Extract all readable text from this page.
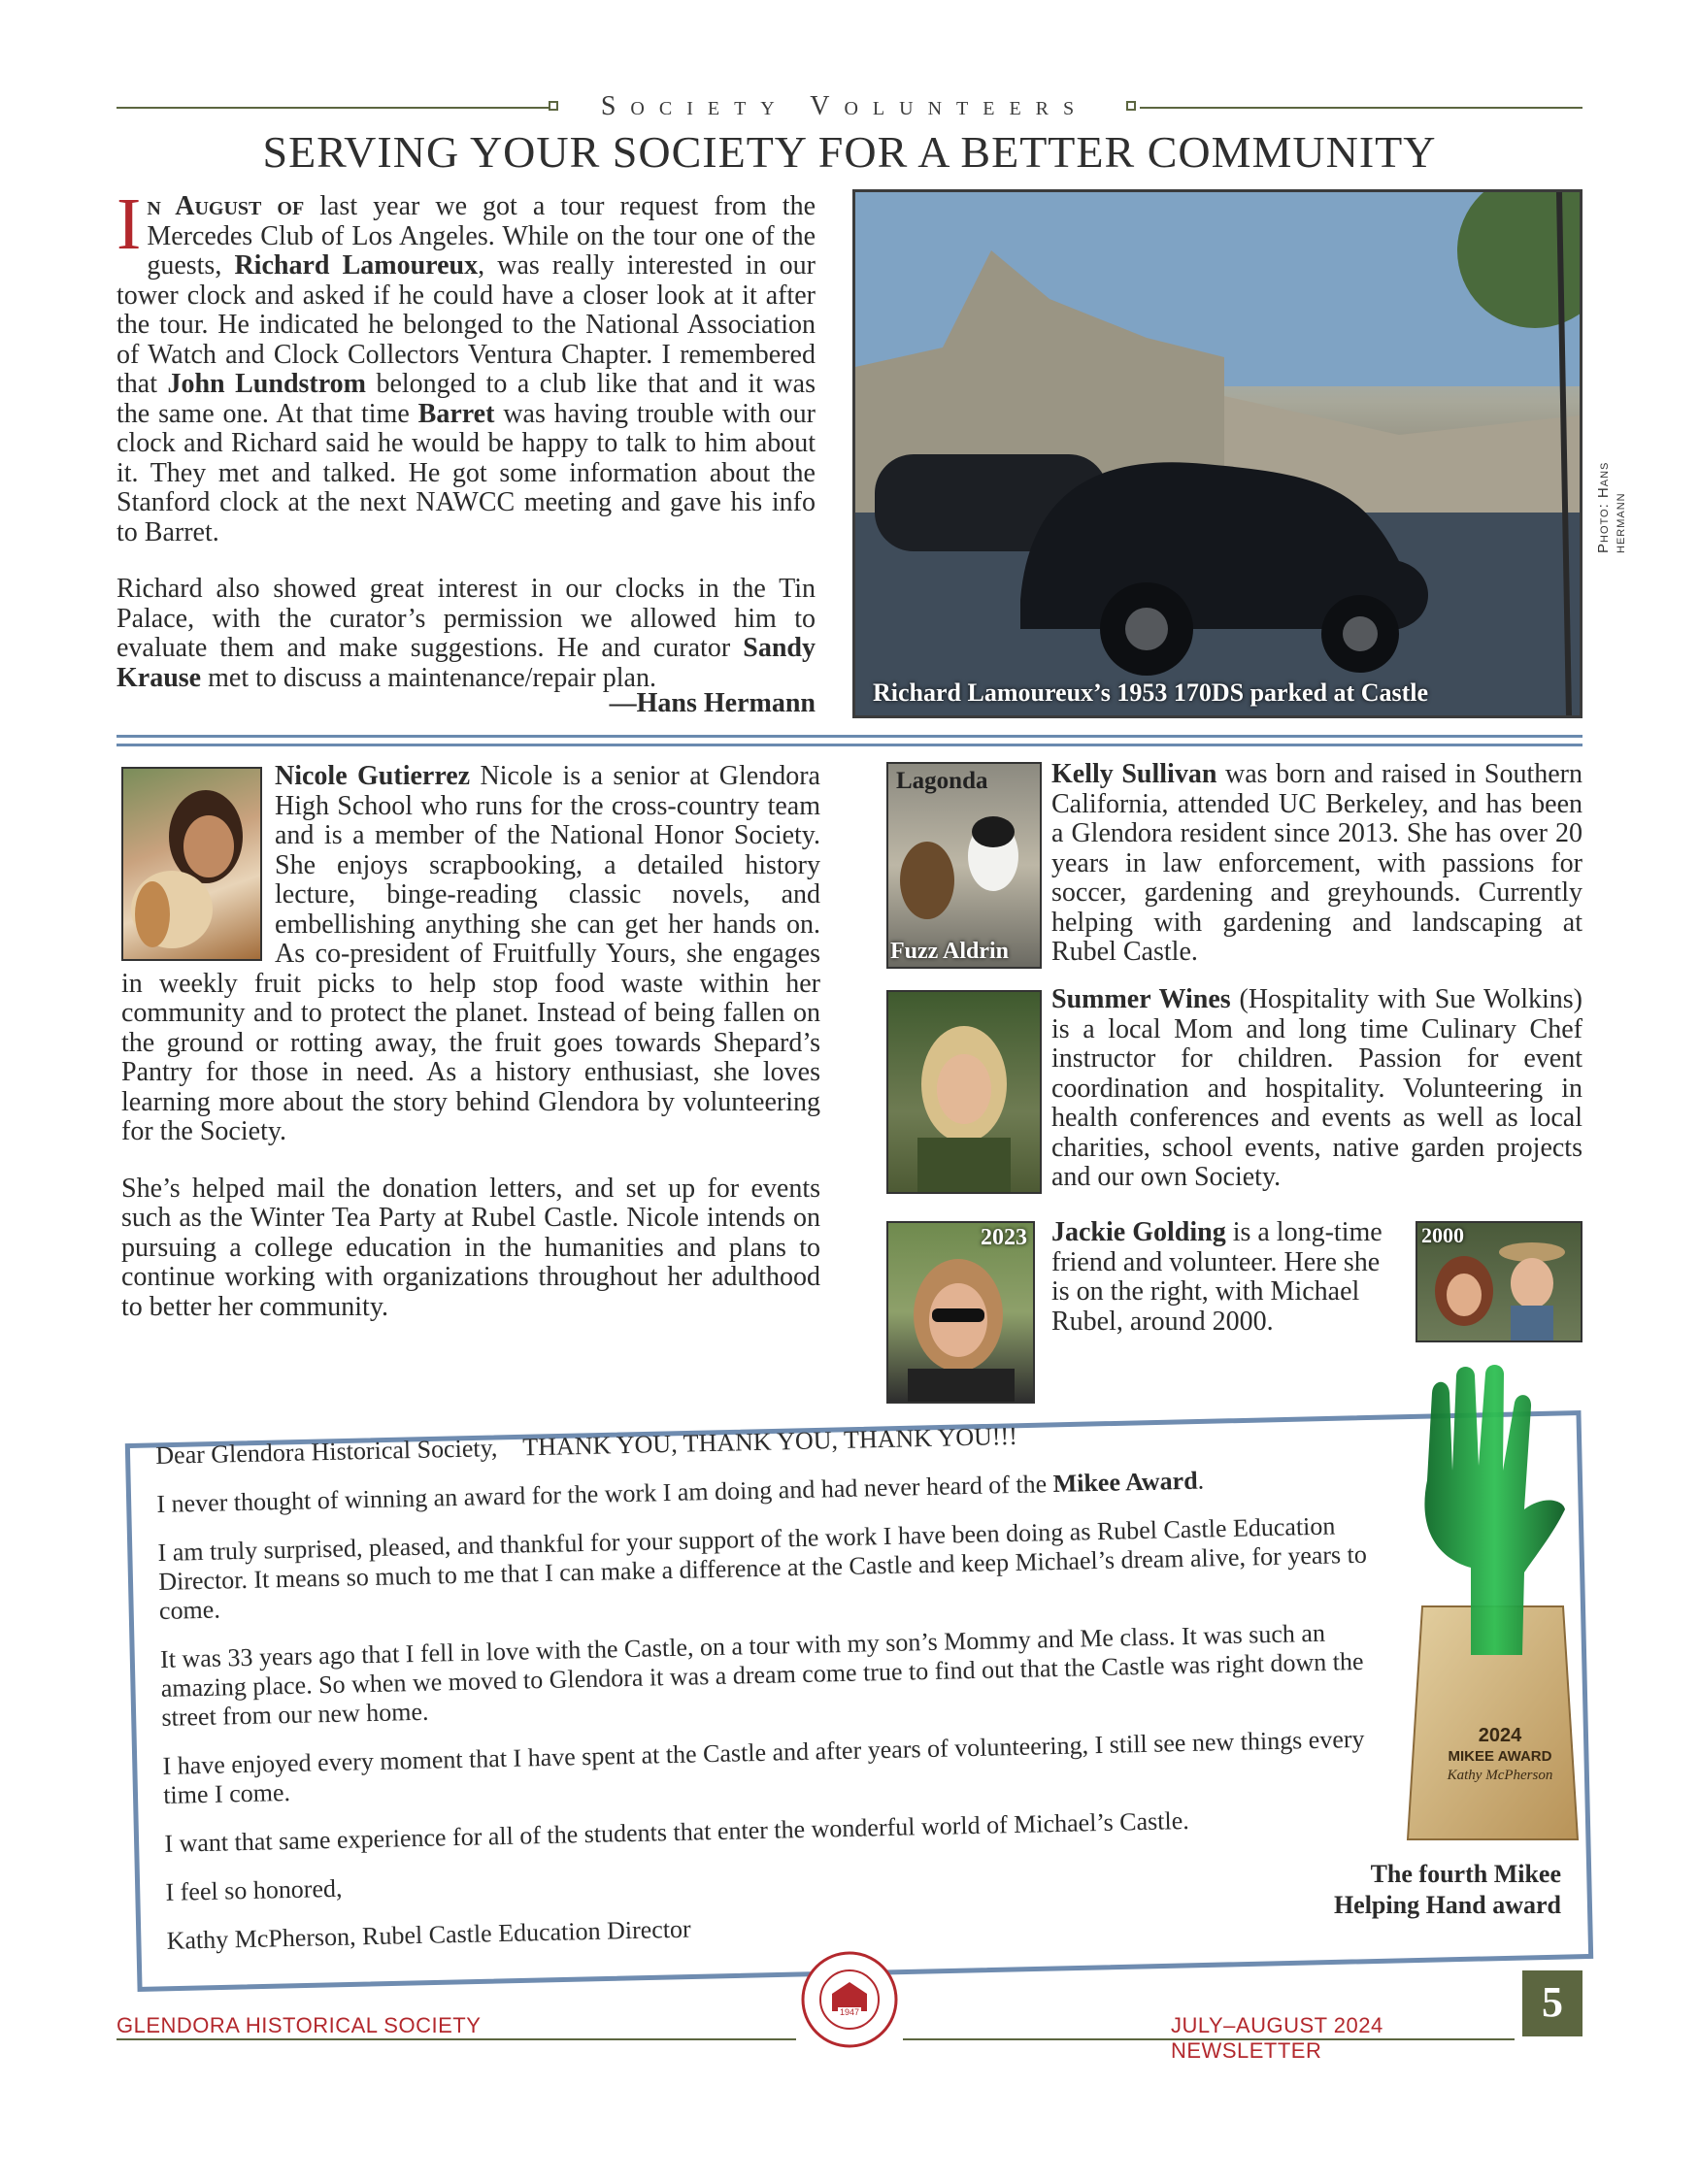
Society Volunteers
SERVING YOUR SOCIETY FOR A BETTER COMMUNITY

In August of last year we got a tour request from the Mercedes Club of Los Angeles. While on the tour one of the guests, Richard Lamoureux, was really interested in our tower clock and asked if he could have a closer look at it after the tour. He indicated he belonged to the National Association of Watch and Clock Collectors Ventura Chapter. I remembered that John Lundstrom belonged to a club like that and it was the same one. At that time Barret was having trouble with our clock and Richard said he would be happy to talk to him about it. They met and talked. He got some information about the Stanford clock at the next NAWCC meeting and gave his info to Barret.

Richard also showed great interest in our clocks in the Tin Palace, with the curator’s permission we allowed him to evaluate them and make suggestions. He and curator Sandy Krause met to discuss a maintenance/repair plan.

—Hans Hermann Richard Lamoureux’s 1953 170DS parked at Castle
Photo: Hans hermann

Nicole Gutierrez Nicole is a senior at Glendora High School who runs for the cross-country team and is a member of the National Honor Society. She enjoys scrapbooking, a detailed history lecture, binge-reading classic novels, and embellishing anything she can get her hands on. As co-president of Fruitfully Yours, she engages in weekly fruit picks to help stop food waste within her community and to protect the planet. Instead of being fallen on the ground or rotting away, the fruit goes towards Shepard’s Pantry for those in need. As a history enthusiast, she loves learning more about the story behind Glendora by volunteering for the Society.

She’s helped mail the donation letters, and set up for events such as the Winter Tea Party at Rubel Castle. Nicole intends on pursuing a college education in the humanities and plans to continue working with organizations throughout her adulthood to better her community.

Lagonda
Fuzz Aldrin

Kelly Sullivan was born and raised in Southern California, attended UC Berkeley, and has been a Glendora resident since 2013. She has over 20 years in law enforcement, with passions for soccer, gardening and greyhounds. Currently helping with gardening and landscaping at Rubel Castle.

Summer Wines (Hospitality with Sue Wolkins) is a local Mom and long time Culinary Chef instructor for children. Passion for event coordination and hospitality. Volunteering in health conferences and events as well as local charities, school events, native garden projects and our own Society.

2023 Jackie Golding is a long-time friend and volunteer. Here she is on the right, with Michael Rubel, around 2000.

2000

Dear Glendora Historical Society, THANK YOU, THANK YOU, THANK YOU!!!

I never thought of winning an award for the work I am doing and had never heard of the Mikee Award.

I am truly surprised, pleased, and thankful for your support of the work I have been doing as Rubel Castle Education Director. It means so much to me that I can make a difference at the Castle and keep Michael’s dream alive, for years to come.

It was 33 years ago that I fell in love with the Castle, on a tour with my son’s Mommy and Me class. It was such an amazing place. So when we moved to Glendora it was a dream come true to find out that the Castle was right down the street from our new home.

I have enjoyed every moment that I have spent at the Castle and after years of volunteering, I still see new things every time I come.

I want that same experience for all of the students that enter the wonderful world of Michael’s Castle.

I feel so honored,

Kathy McPherson, Rubel Castle Education Director

2024
MIKEE AWARD
Kathy McPherson
The fourth Mikee
Helping Hand award
GLENDORA HISTORICAL SOCIETY	JULY–AUGUST 2024 NEWSLETTER
1947	5
